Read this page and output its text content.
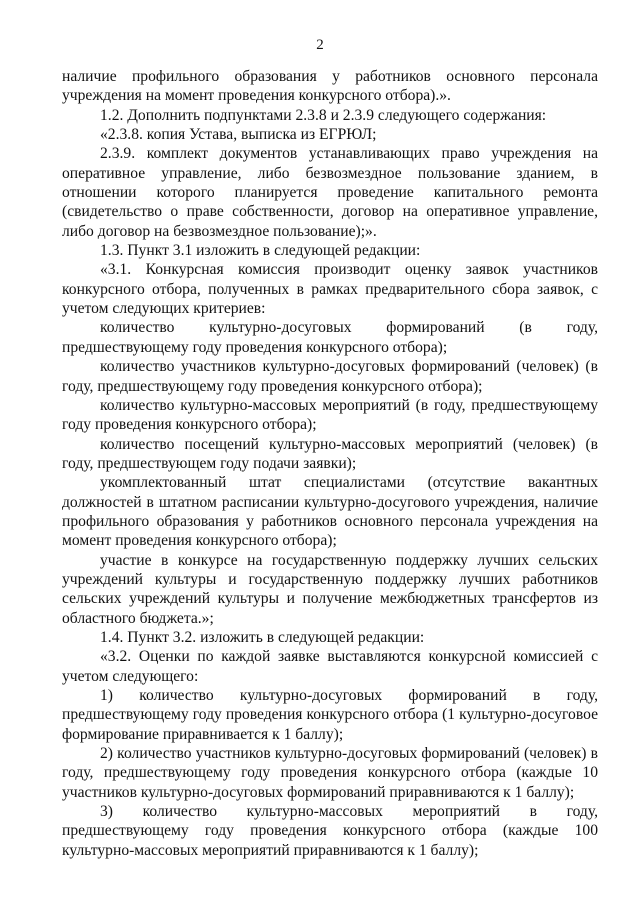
2

наличие профильного образования у работников основного персонала учреждения на момент проведения конкурсного отбора).».

1.2. Дополнить подпунктами 2.3.8 и 2.3.9 следующего содержания:

«2.3.8. копия Устава, выписка из ЕГРЮЛ;

2.3.9. комплект документов устанавливающих право учреждения на оперативное управление, либо безвозмездное пользование зданием, в отношении которого планируется проведение капитального ремонта (свидетельство о праве собственности, договор на оперативное управление, либо договор на безвозмездное пользование);».

1.3. Пункт 3.1 изложить в следующей редакции:

«3.1. Конкурсная комиссия производит оценку заявок участников конкурсного отбора, полученных в рамках предварительного сбора заявок, с учетом следующих критериев:

количество культурно-досуговых формирований (в году, предшествующему году проведения конкурсного отбора);

количество участников культурно-досуговых формирований (человек) (в году, предшествующему году проведения конкурсного отбора);

количество культурно-массовых мероприятий (в году, предшествующему году проведения конкурсного отбора);

количество посещений культурно-массовых мероприятий (человек) (в году, предшествующем году подачи заявки);

укомплектованный штат специалистами (отсутствие вакантных должностей в штатном расписании культурно-досугового учреждения, наличие профильного образования у работников основного персонала учреждения на момент проведения конкурсного отбора);

участие в конкурсе на государственную поддержку лучших сельских учреждений культуры и государственную поддержку лучших работников сельских учреждений культуры и получение межбюджетных трансфертов из областного бюджета.»;

1.4. Пункт 3.2. изложить в следующей редакции:

«3.2. Оценки по каждой заявке выставляются конкурсной комиссией с учетом следующего:

1) количество культурно-досуговых формирований в году, предшествующему году проведения конкурсного отбора (1 культурно-досуговое формирование приравнивается к 1 баллу);

2) количество участников культурно-досуговых формирований (человек) в году, предшествующему году проведения конкурсного отбора (каждые 10 участников культурно-досуговых формирований приравниваются к 1 баллу);

3) количество культурно-массовых мероприятий в году, предшествующему году проведения конкурсного отбора (каждые 100 культурно-массовых мероприятий приравниваются к 1 баллу);
